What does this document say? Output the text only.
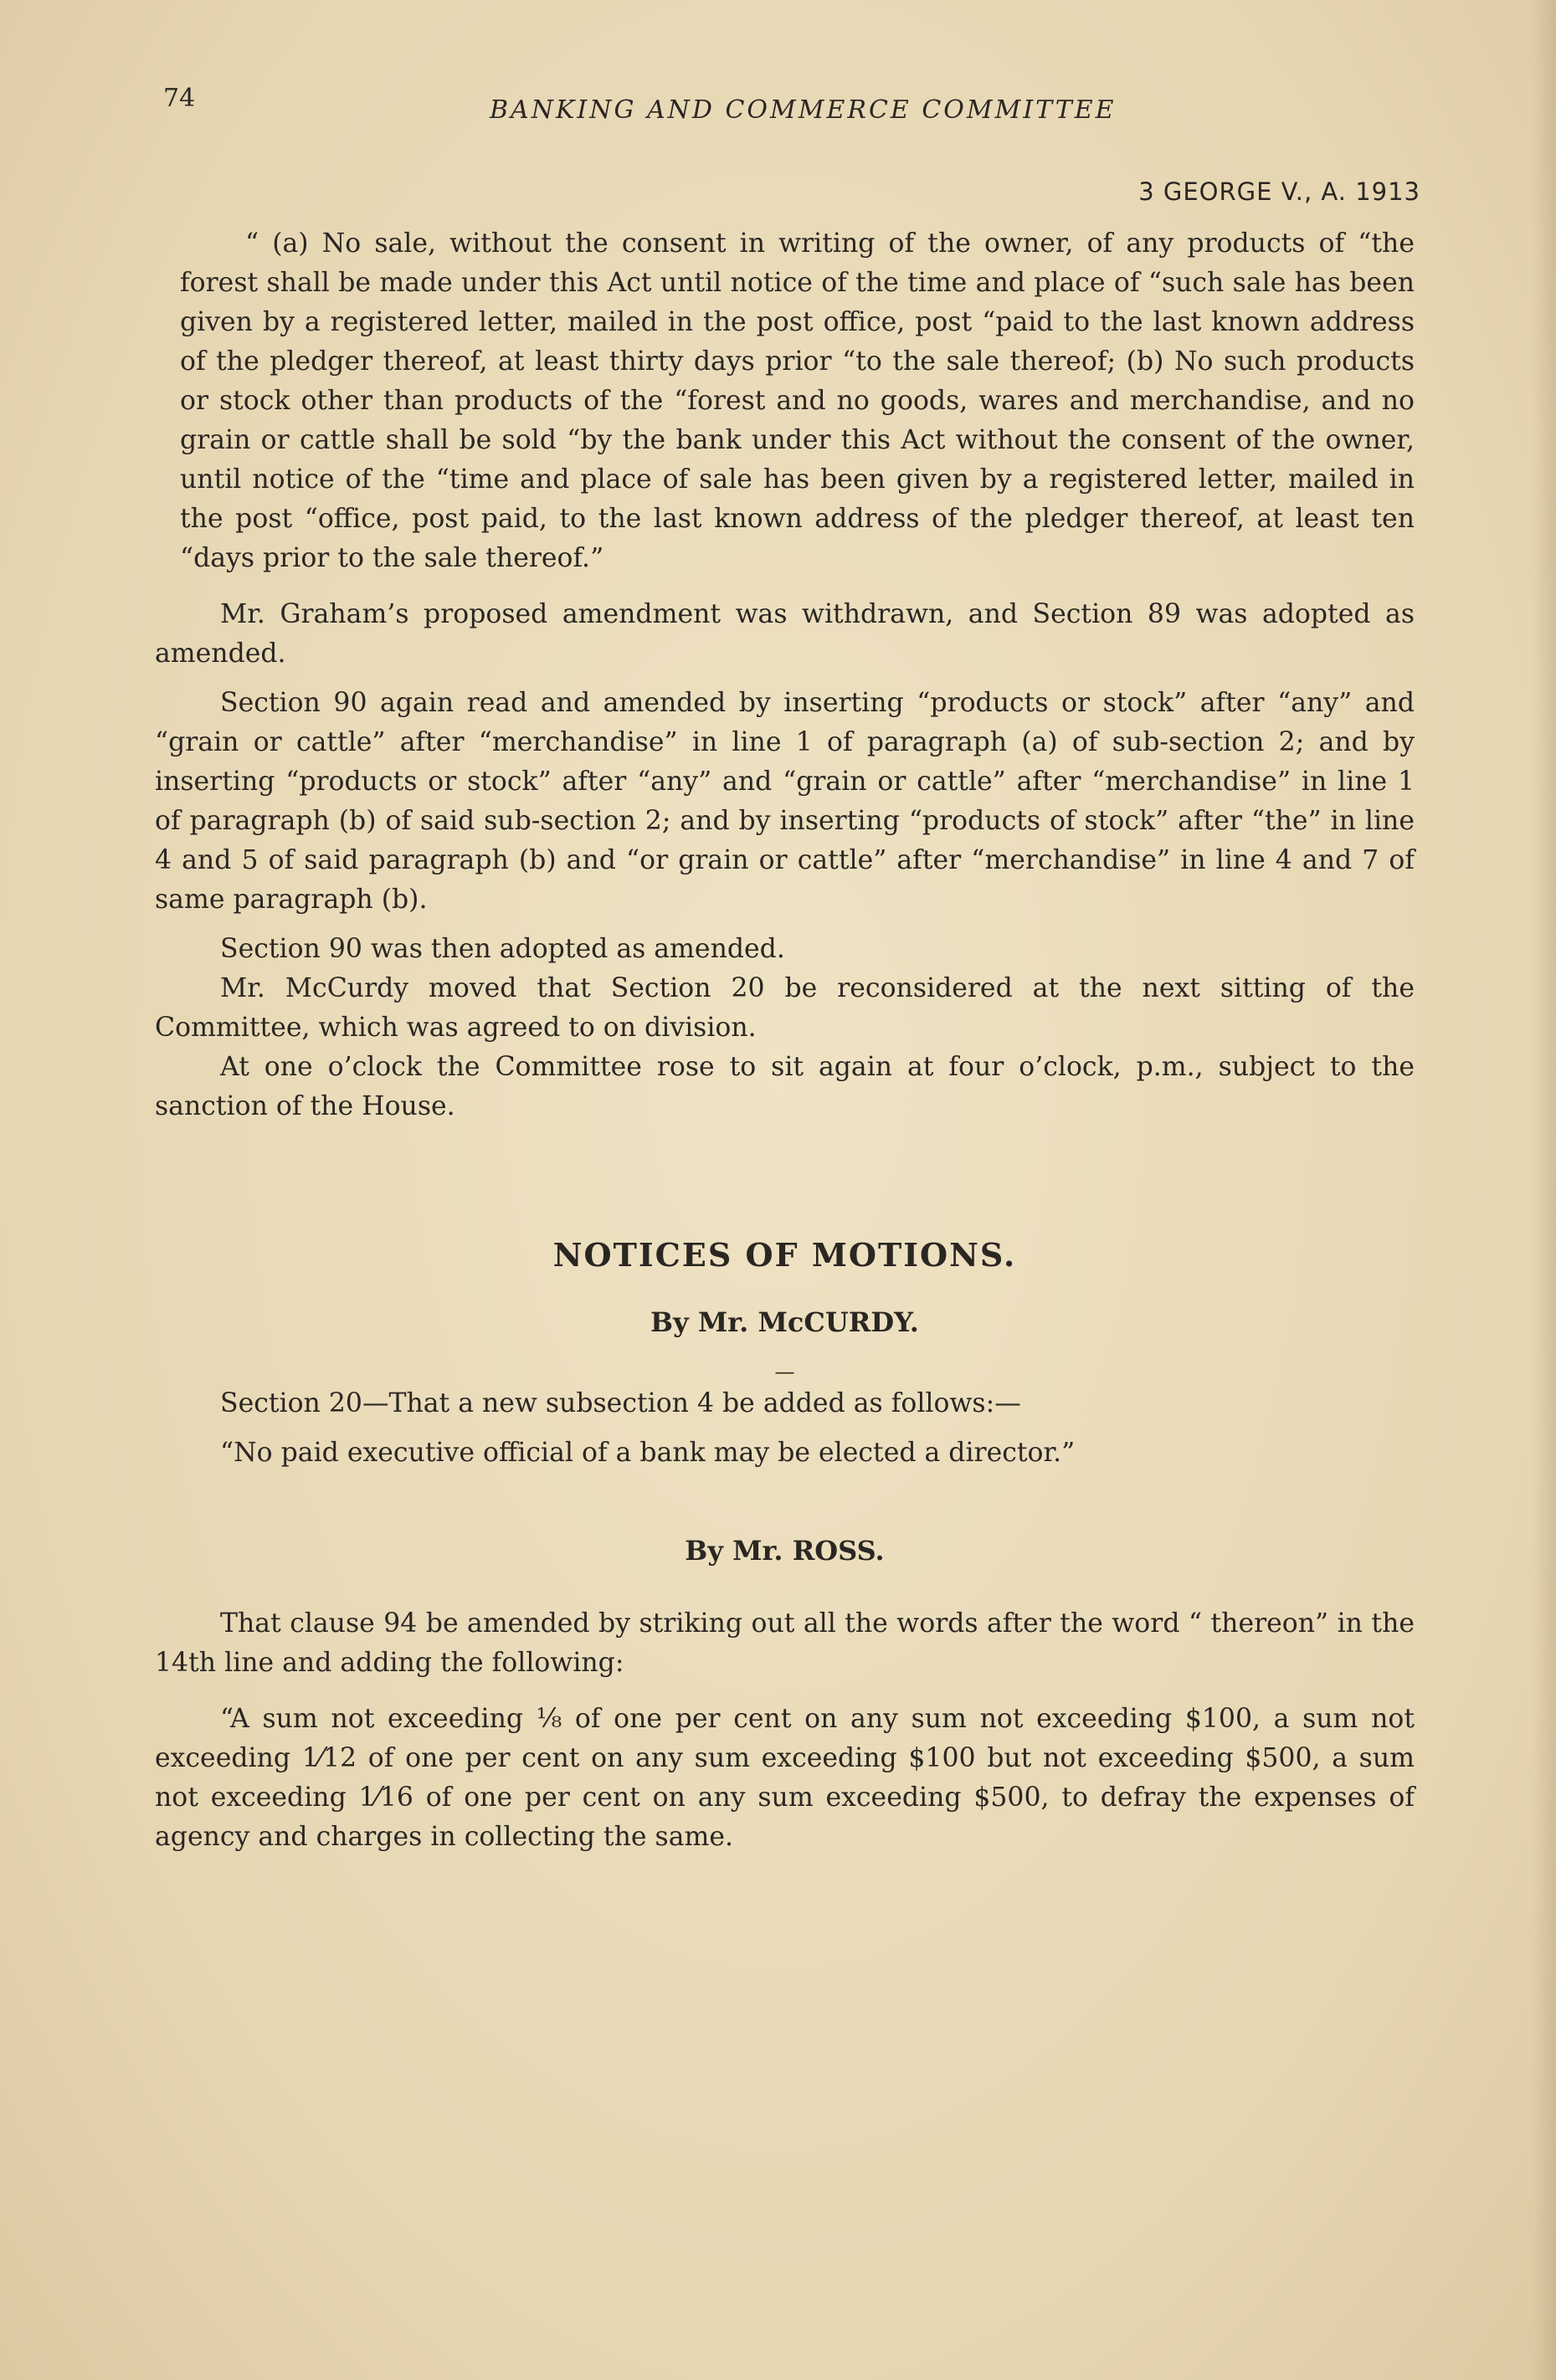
74	BANKING AND COMMERCE COMMITTEE
3 GEORGE V., A. 1913

“ (a) No sale, without the consent in writing of the owner, of any products of “the forest shall be made under this Act until notice of the time and place of “such sale has been given by a registered letter, mailed in the post office, post “paid to the last known address of the pledger thereof, at least thirty days prior “to the sale thereof; (b) No such products or stock other than products of the “forest and no goods, wares and merchandise, and no grain or cattle shall be sold “by the bank under this Act without the consent of the owner, until notice of the “time and place of sale has been given by a registered letter, mailed in the post “office, post paid, to the last known address of the pledger thereof, at least ten “days prior to the sale thereof.”

Mr. Graham’s proposed amendment was withdrawn, and Section 89 was adopted as amended.

Section 90 again read and amended by inserting “products or stock” after “any” and “grain or cattle” after “merchandise” in line 1 of paragraph (a) of sub-section 2; and by inserting “products or stock” after “any” and “grain or cattle” after “merchandise” in line 1 of paragraph (b) of said sub-section 2; and by inserting “products of stock” after “the” in line 4 and 5 of said paragraph (b) and “or grain or cattle” after “merchandise” in line 4 and 7 of same paragraph (b).

Section 90 was then adopted as amended.

Mr. McCurdy moved that Section 20 be reconsidered at the next sitting of the Committee, which was agreed to on division.

At one o’clock the Committee rose to sit again at four o’clock, p.m., subject to the sanction of the House.

NOTICES OF MOTIONS.
By Mr. McCURDY.
—

Section 20—That a new subsection 4 be added as follows:—

“No paid executive official of a bank may be elected a director.”

By Mr. ROSS.

That clause 94 be amended by striking out all the words after the word “ thereon” in the 14th line and adding the following:

“A sum not exceeding ⅛ of one per cent on any sum not exceeding $100, a sum not exceeding 1⁄12 of one per cent on any sum exceeding $100 but not exceeding $500, a sum not exceeding 1⁄16 of one per cent on any sum exceeding $500, to defray the expenses of agency and charges in collecting the same.
